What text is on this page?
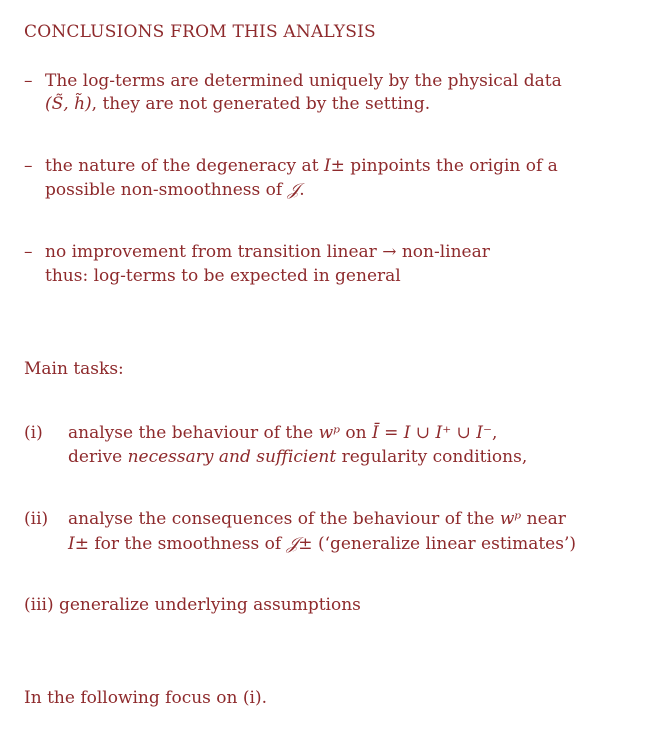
CONCLUSIONS FROM THIS ANALYSIS
– The log-terms are determined uniquely by the physical data
(S̃, h̃), they are not generated by the setting.
– the nature of the degeneracy at I± pinpoints the origin of a
possible non-smoothness of 𝒥.
– no improvement from transition linear → non-linear
thus: log-terms to be expected in general
Main tasks:
(i) analyse the behaviour of the wᵖ on Ī = I ∪ I⁺ ∪ I⁻,
derive necessary and sufficient regularity conditions,
(ii) analyse the consequences of the behaviour of the wᵖ near
I± for the smoothness of 𝒥± (‘generalize linear estimates’)
(iii) generalize underlying assumptions
In the following focus on (i).
